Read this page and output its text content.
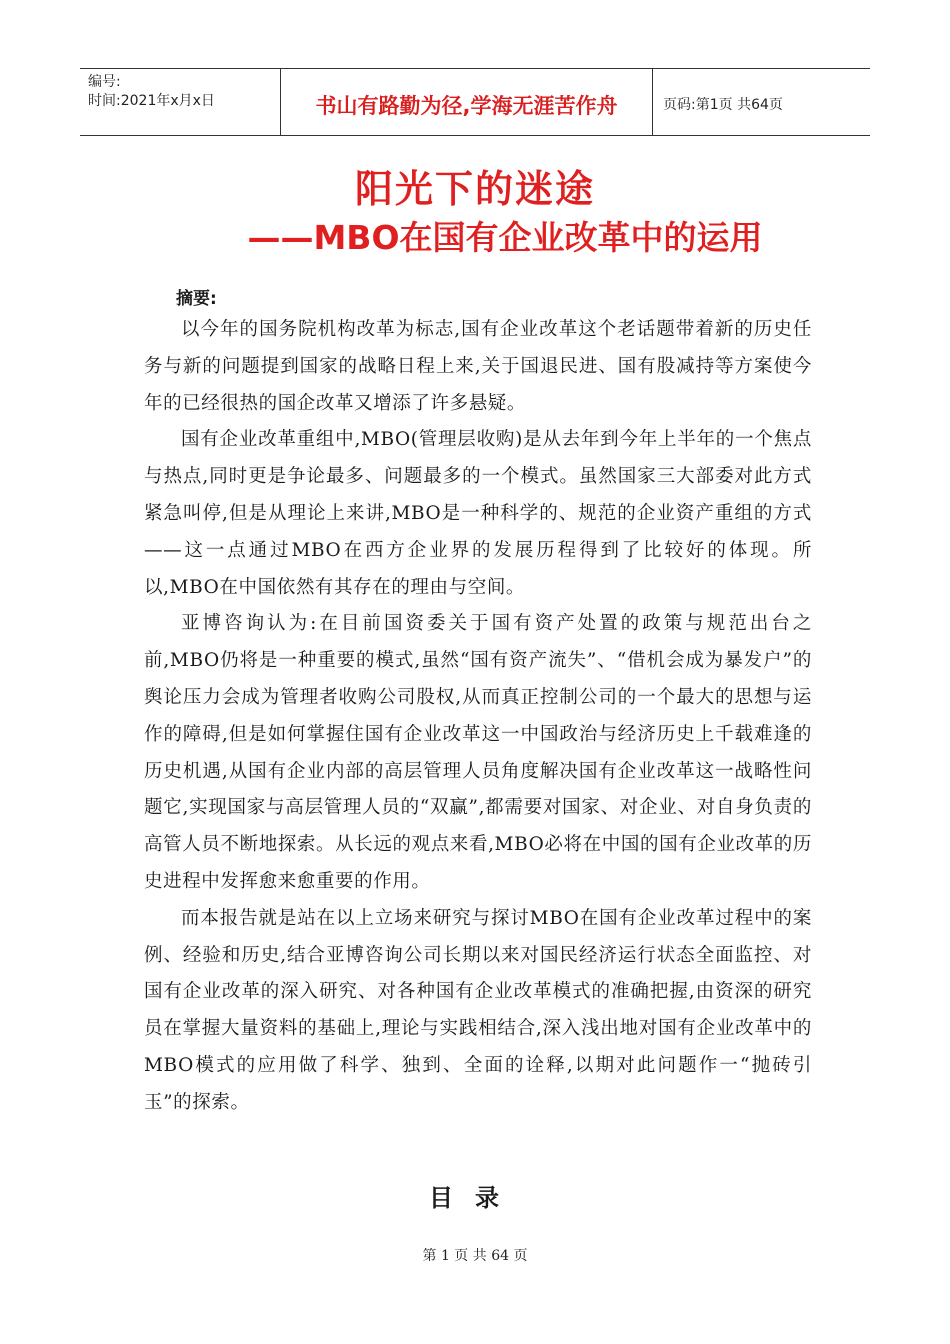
编号:
时间:2021年x月x日	书山有路勤为径,学海无涯苦作舟	页码:第1页 共64页
阳光下的迷途
——MBO在国有企业改革中的运用
摘要:

以今年的国务院机构改革为标志,国有企业改革这个老话题带着新的历史任务与新的问题提到国家的战略日程上来,关于国退民进、国有股减持等方案使今年的已经很热的国企改革又增添了许多悬疑。

国有企业改革重组中,MBO(管理层收购)是从去年到今年上半年的一个焦点与热点,同时更是争论最多、问题最多的一个模式。虽然国家三大部委对此方式紧急叫停,但是从理论上来讲,MBO是一种科学的、规范的企业资产重组的方式——这一点通过MBO在西方企业界的发展历程得到了比较好的体现。所以,MBO在中国依然有其存在的理由与空间。

亚博咨询认为:在目前国资委关于国有资产处置的政策与规范出台之前,MBO仍将是一种重要的模式,虽然“国有资产流失”、“借机会成为暴发户”的舆论压力会成为管理者收购公司股权,从而真正控制公司的一个最大的思想与运作的障碍,但是如何掌握住国有企业改革这一中国政治与经济历史上千载难逢的历史机遇,从国有企业内部的高层管理人员角度解决国有企业改革这一战略性问题它,实现国家与高层管理人员的“双赢”,都需要对国家、对企业、对自身负责的高管人员不断地探索。从长远的观点来看,MBO必将在中国的国有企业改革的历史进程中发挥愈来愈重要的作用。

而本报告就是站在以上立场来研究与探讨MBO在国有企业改革过程中的案例、经验和历史,结合亚博咨询公司长期以来对国民经济运行状态全面监控、对国有企业改革的深入研究、对各种国有企业改革模式的准确把握,由资深的研究员在掌握大量资料的基础上,理论与实践相结合,深入浅出地对国有企业改革中的MBO模式的应用做了科学、独到、全面的诠释,以期对此问题作一“抛砖引玉”的探索。

目录
第 1 页 共 64 页
